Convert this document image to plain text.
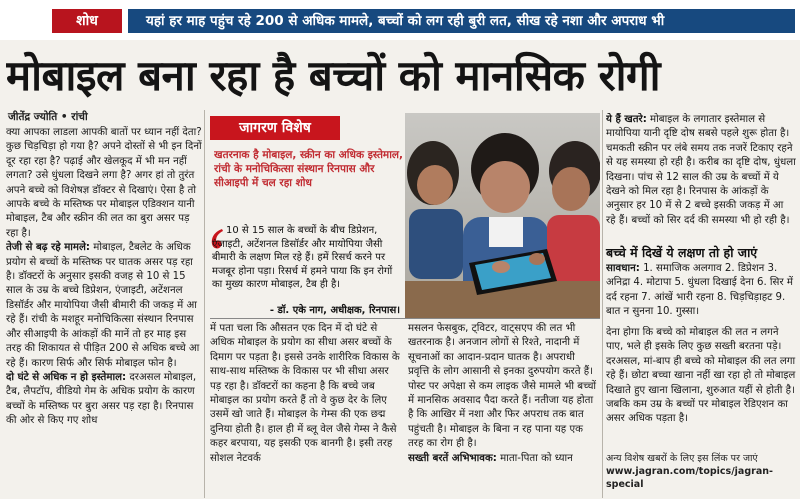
शोध	यहां हर माह पहुंच रहे 200 से अधिक मामले, बच्चों को लग रही बुरी लत, सीख रहे नशा और अपराध भी
मोबाइल बना रहा है बच्चों को मानसिक रोगी
जीतेंद्र ज्योति • रांची

क्या आपका लाडला आपकी बातों पर ध्यान नहीं देता? कुछ चिड़चिड़ा हो गया है? अपने दोस्तों से भी इन दिनों दूर रहा रहा है? पढ़ाई और खेलकूद में भी मन नहीं लगता? उसे धुंधला दिखने लगा है? अगर हां तो तुरंत अपने बच्चे को विशेषज्ञ डॉक्टर से दिखाएं। ऐसा है तो आपके बच्चे के मस्तिष्क पर मोबाइल एडिक्शन यानी मोबाइल, टैब और स्क्रीन की लत का बुरा असर पड़ रहा है।

तेजी से बढ़ रहे मामले: मोबाइल, टैबलेट के अधिक प्रयोग से बच्चों के मस्तिष्क पर घातक असर पड़ रहा है। डॉक्टरों के अनुसार इसकी वजह से 10 से 15 साल के उम्र के बच्चे डिप्रेशन, एंजाइटी, अटेंशनल डिसॉर्डर और मायोपिया जैसी बीमारी की जकड़ में आ रहे हैं। रांची के मशहूर मनोचिकित्सा संस्थान रिनपास और सीआइपी के आंकड़ों की मानें तो हर माह इस तरह की शिकायत से पीड़ित 200 से अधिक बच्चे आ रहे हैं। कारण सिर्फ और सिर्फ मोबाइल फोन है।

दो घंटे से अधिक न हो इस्तेमाल: दरअसल मोबाइल, टैब, लैपटॉप, वीडियो गेम के अधिक प्रयोग के कारण बच्चों के मस्तिष्क पर बुरा असर पड़ रहा है। रिनपास की ओर से किए गए शोध

जागरण विशेष
खतरनाक है मोबाइल, स्क्रीन का अधिक इस्तेमाल, रांची के मनोचिकित्सा संस्थान रिनपास और सीआइपी में चल रहा शोध
10 से 15 साल के बच्चों के बीच डिप्रेशन, एंजाइटी, अटेंशनल डिसॉर्डर और मायोपिया जैसी बीमारी के लक्षण मिल रहे हैं। हमें रिसर्च करने पर मजबूर होना पड़ा। रिसर्च में हमने पाया कि इन रोगों का मुख्य कारण मोबाइल, टैब ही है।
- डॉ. एके नाग, अधीक्षक, रिनपास।

में पता चला कि औसतन एक दिन में दो घंटे से अधिक मोबाइल के प्रयोग का सीधा असर बच्चों के दिमाग पर पड़ता है। इससे उनके शारीरिक विकास के साथ-साथ मस्तिष्क के विकास पर भी सीधा असर पड़ रहा है। डॉक्टरों का कहना है कि बच्चे जब मोबाइल का प्रयोग करते हैं तो वे कुछ देर के लिए उसमें खो जाते हैं। मोबाइल के गेम्स की एक छद्म दुनिया होती है। हाल ही में ब्लू वेल जैसे गेम्स ने कैसे कहर बरपाया, यह इसकी एक बानगी है। इसी तरह सोशल नेटवर्क

मसलन फेसबुक, ट्विटर, वाट्सएप की लत भी खतरनाक है। अनजान लोगों से रिश्ते, नादानी में सूचनाओं का आदान-प्रदान घातक है। अपराधी प्रवृत्ति के लोग आसानी से इनका दुरुपयोग करते हैं। पोस्ट पर अपेक्षा से कम लाइक जैसे मामले भी बच्चों में मानसिक अवसाद पैदा करते हैं। नतीजा यह होता है कि आखिर में नशा और फिर अपराध तक बात पहुंचती है। मोबाइल के बिना न रह पाना यह एक तरह का रोग ही है।

सख्ती बरतें अभिभावक: माता-पिता को ध्यान

ये हैं खतरे: मोबाइल के लगातार इस्तेमाल से मायोपिया यानी दृष्टि दोष सबसे पहले शुरू होता है। चमकती स्क्रीन पर लंबे समय तक नजरें टिकाए रहने से यह समस्या हो रही है। करीब का दृष्टि दोष, धुंधला दिखना। पांच से 12 साल की उम्र के बच्चों में ये देखने को मिल रहा है। रिनपास के आंकड़ों के अनुसार हर 10 में से 2 बच्चे इसकी जकड़ में आ रहे हैं। बच्चों को सिर दर्द की समस्या भी हो रही है।

बच्चे में दिखें ये लक्षण तो हो जाएं

सावधान: 1. समाजिक अलगाव 2. डिप्रेशन 3. अनिद्रा 4. मोटापा 5. धुंधला दिखाई देना 6. सिर में दर्द रहना 7. आंखें भारी रहना 8. चिड़चिड़ाहट 9. बात न सुनना 10. गुस्सा।

देना होगा कि बच्चे को मोबाइल की लत न लगने पाए, भले ही इसके लिए कुछ सख्ती बरतना पड़े। दरअसल, मां-बाप ही बच्चे को मोबाइल की लत लगा रहे हैं। छोटा बच्चा खाना नहीं खा रहा हो तो मोबाइल दिखाते हुए खाना खिलाना, शुरुआत यहीं से होती है। जबकि कम उम्र के बच्चों पर मोबाइल रेडिएशन का असर अधिक पड़ता है।

अन्य विशेष खबरों के लिए इस लिंक पर जाएं
www.jagran.com/topics/jagran-special
